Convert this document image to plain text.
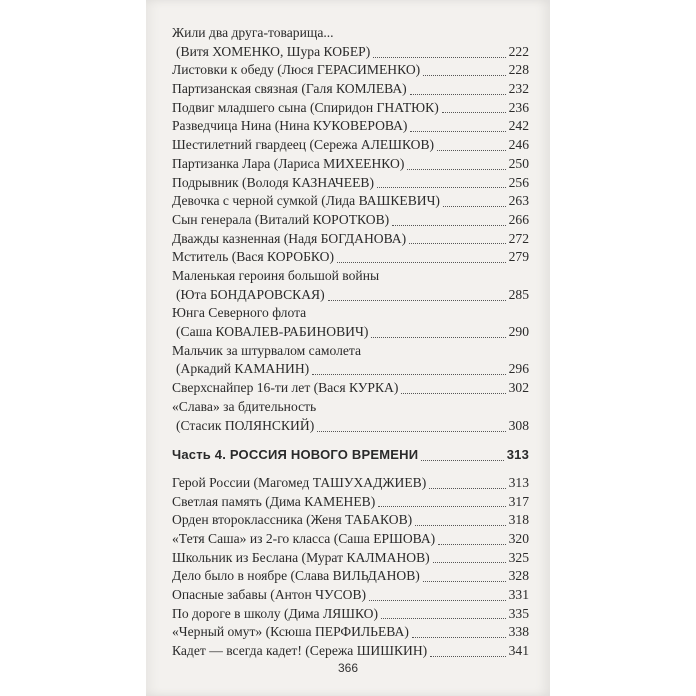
Жили два друга-товарища...
(Витя ХОМЕНКО, Шура КОБЕР)	222
Листовки к обеду (Люся ГЕРАСИМЕНКО)	228
Партизанская связная (Галя КОМЛЕВА)	232
Подвиг младшего сына (Спиридон ГНАТЮК)	236
Разведчица Нина (Нина КУКОВЕРОВА)	242
Шестилетний гвардеец (Сережа АЛЕШКОВ)	246
Партизанка Лара (Лариса МИХЕЕНКО)	250
Подрывник (Володя КАЗНАЧЕЕВ)	256
Девочка с черной сумкой (Лида ВАШКЕВИЧ)	263
Сын генерала (Виталий КОРОТКОВ)	266
Дважды казненная (Надя БОГДАНОВА)	272
Мститель (Вася КОРОБКО)	279
Маленькая героиня большой войны
(Юта БОНДАРОВСКАЯ)	285
Юнга Северного флота
(Саша КОВАЛЕВ-РАБИНОВИЧ)	290
Мальчик за штурвалом самолета
(Аркадий КАМАНИН)	296
Сверхснайпер 16-ти лет (Вася КУРКА)	302
«Слава» за бдительность
(Стасик ПОЛЯНСКИЙ)	308
Часть 4. РОССИЯ НОВОГО ВРЕМЕНИ	313
Герой России (Магомед ТАШУХАДЖИЕВ)	313
Светлая память (Дима КАМЕНЕВ)	317
Орден второклассника (Женя ТАБАКОВ)	318
«Тетя Саша» из 2-го класса (Саша ЕРШОВА)	320
Школьник из Беслана (Мурат КАЛМАНОВ)	325
Дело было в ноябре (Слава ВИЛЬДАНОВ)	328
Опасные забавы (Антон ЧУСОВ)	331
По дороге в школу (Дима ЛЯШКО)	335
«Черный омут» (Ксюша ПЕРФИЛЬЕВА)	338
Кадет — всегда кадет! (Сережа ШИШКИН)	341
366
